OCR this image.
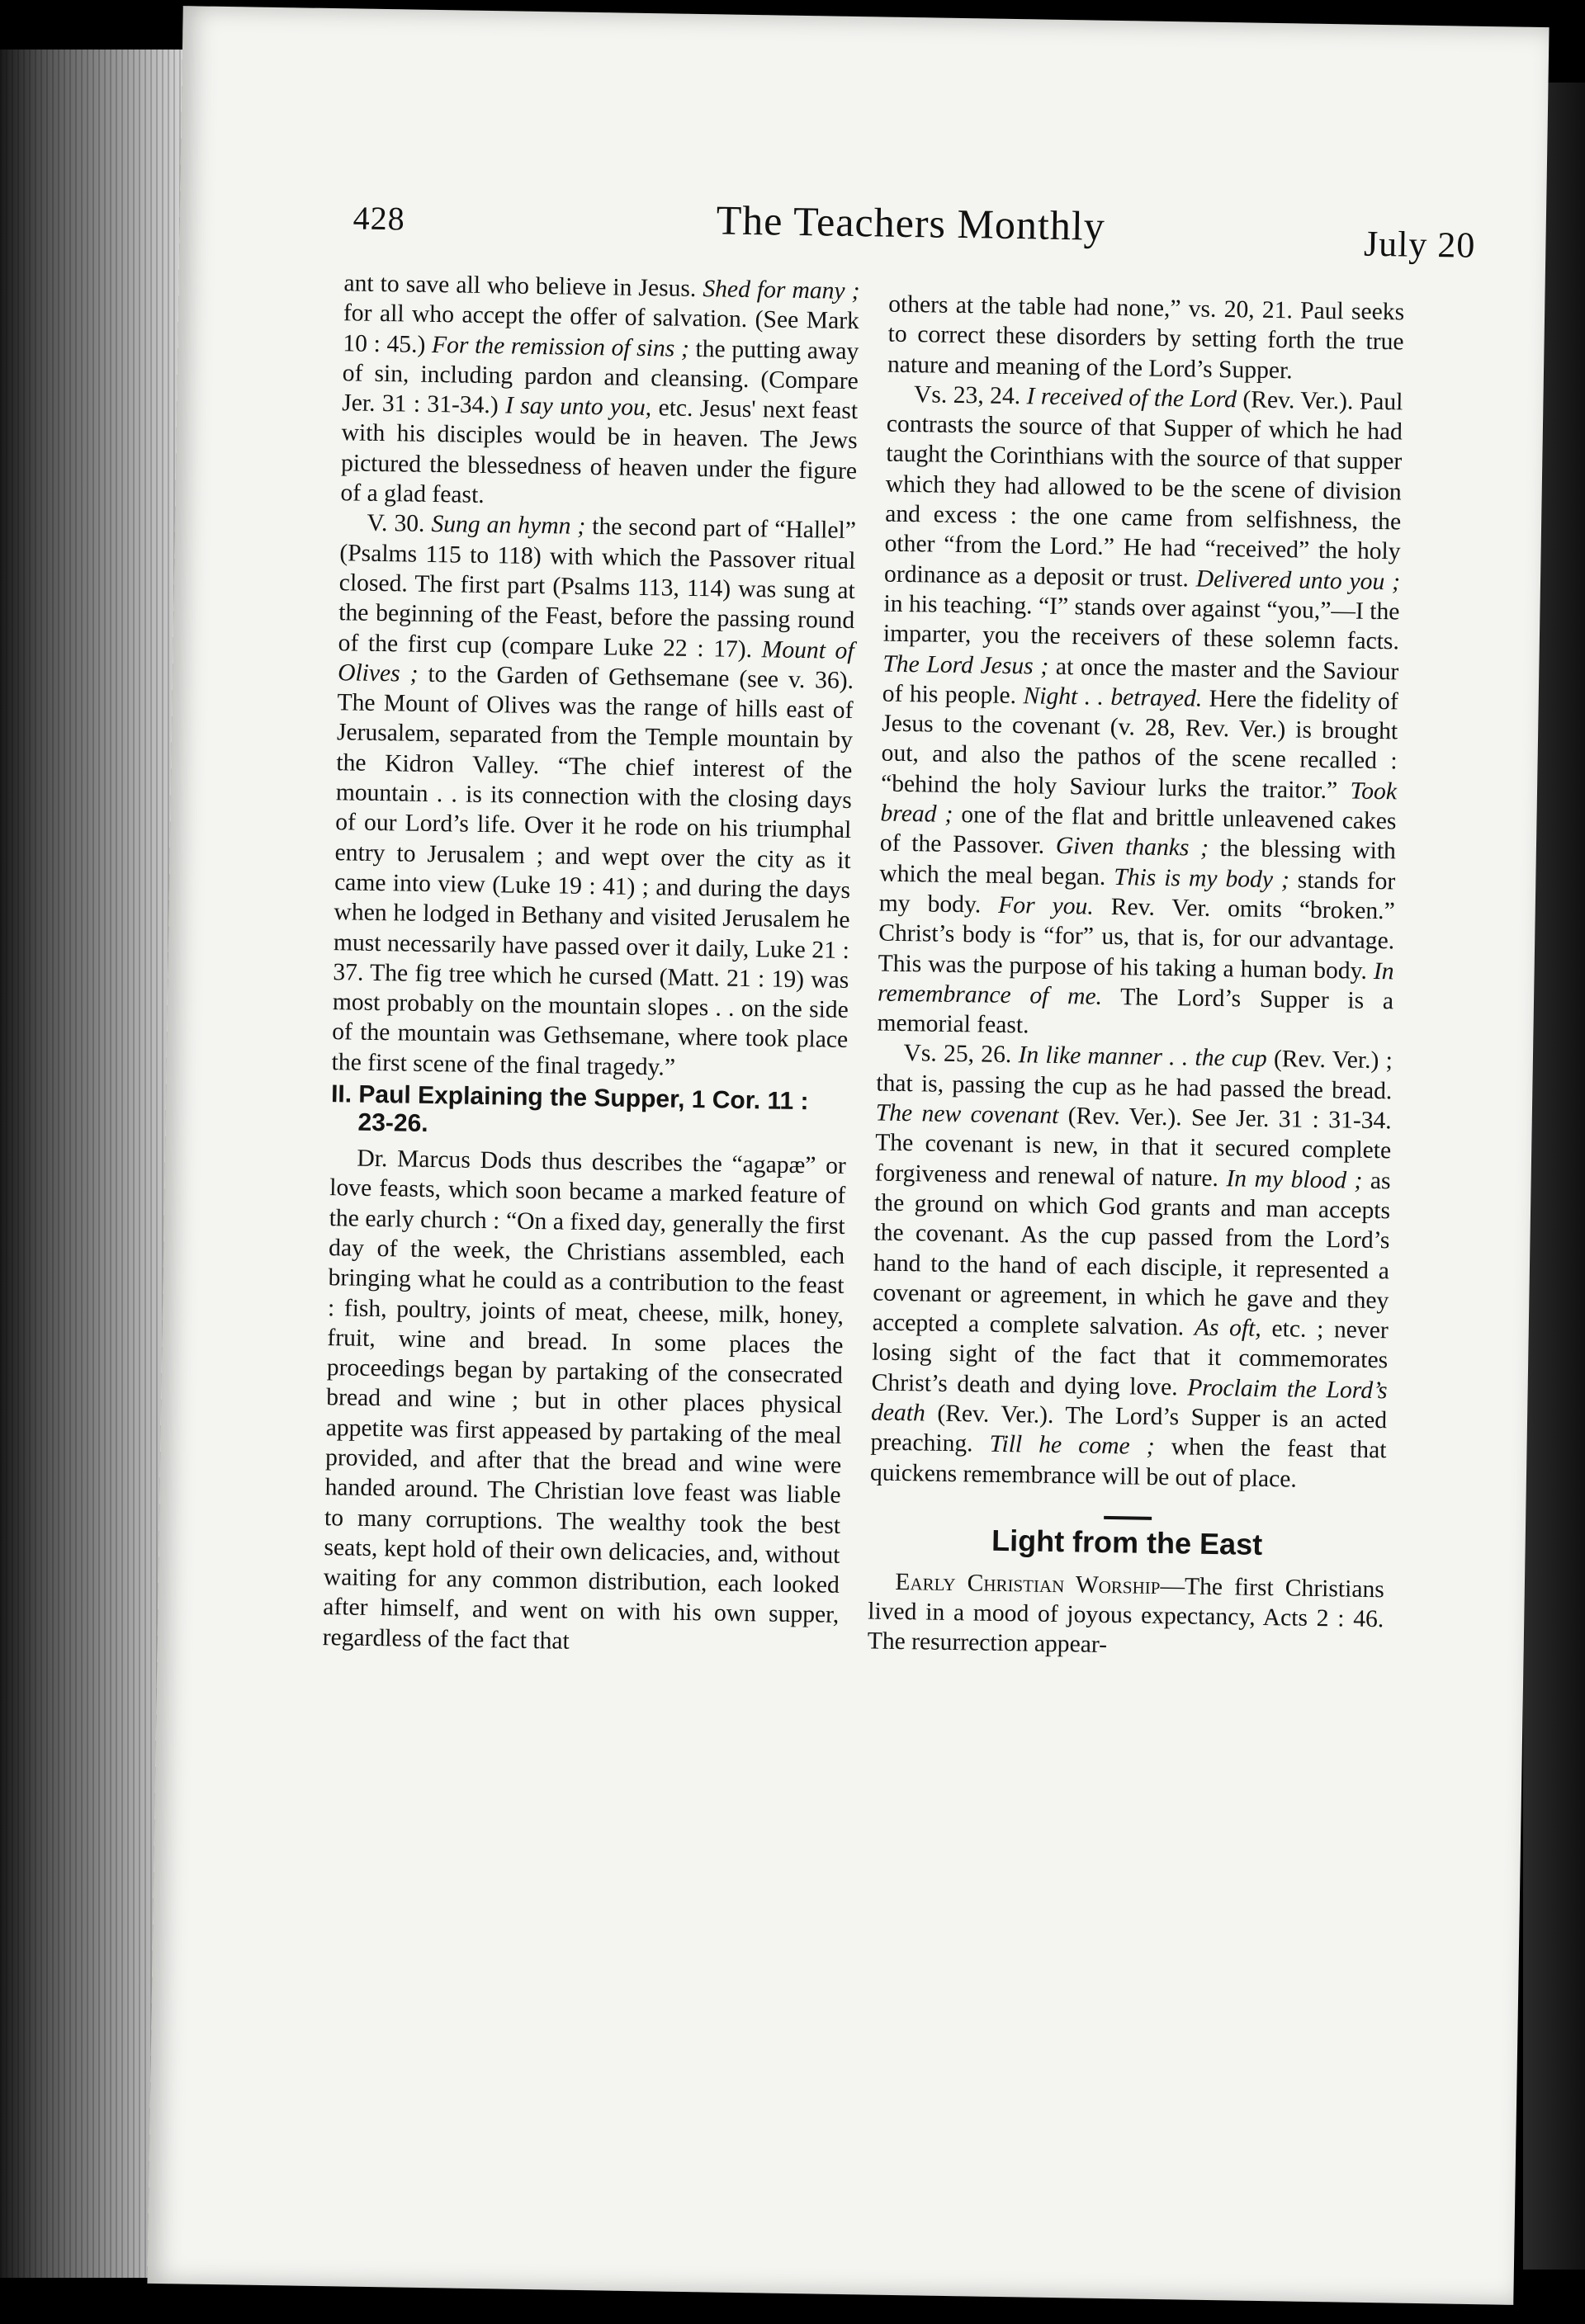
428	The Teachers Monthly	July 20

ant to save all who believe in Jesus. Shed for many ; for all who accept the offer of salvation. (See Mark 10 : 45.) For the remission of sins ; the putting away of sin, including pardon and cleansing. (Compare Jer. 31 : 31-34.) I say unto you, etc. Jesus' next feast with his disciples would be in heaven. The Jews pictured the blessedness of heaven under the figure of a glad feast.

V. 30. Sung an hymn ; the second part of “Hallel” (Psalms 115 to 118) with which the Passover ritual closed. The first part (Psalms 113, 114) was sung at the beginning of the Feast, before the passing round of the first cup (compare Luke 22 : 17). Mount of Olives ; to the Garden of Gethsemane (see v. 36). The Mount of Olives was the range of hills east of Jerusalem, separated from the Temple mountain by the Kidron Valley. “The chief interest of the mountain . . is its connection with the closing days of our Lord’s life. Over it he rode on his triumphal entry to Jerusalem ; and wept over the city as it came into view (Luke 19 : 41) ; and during the days when he lodged in Bethany and visited Jerusalem he must necessarily have passed over it daily, Luke 21 : 37. The fig tree which he cursed (Matt. 21 : 19) was most probably on the mountain slopes . . on the side of the mountain was Gethsemane, where took place the first scene of the final tragedy.”

II. Paul Explaining the Supper, 1 Cor. 11 : 23-26.

Dr. Marcus Dods thus describes the “agapæ” or love feasts, which soon became a marked feature of the early church : “On a fixed day, generally the first day of the week, the Christians assembled, each bringing what he could as a contribution to the feast : fish, poultry, joints of meat, cheese, milk, honey, fruit, wine and bread. In some places the proceedings began by partaking of the consecrated bread and wine ; but in other places physical appetite was first appeased by partaking of the meal provided, and after that the bread and wine were handed around. The Christian love feast was liable to many corruptions. The wealthy took the best seats, kept hold of their own delicacies, and, without waiting for any common distribution, each looked after himself, and went on with his own supper, regardless of the fact that

others at the table had none,” vs. 20, 21. Paul seeks to correct these disorders by setting forth the true nature and meaning of the Lord’s Supper.

Vs. 23, 24. I received of the Lord (Rev. Ver.). Paul contrasts the source of that Supper of which he had taught the Corinthians with the source of that supper which they had allowed to be the scene of division and excess : the one came from selfishness, the other “from the Lord.” He had “received” the holy ordinance as a deposit or trust. Delivered unto you ; in his teaching. “I” stands over against “you,”—I the imparter, you the receivers of these solemn facts. The Lord Jesus ; at once the master and the Saviour of his people. Night . . betrayed. Here the fidelity of Jesus to the covenant (v. 28, Rev. Ver.) is brought out, and also the pathos of the scene recalled : “behind the holy Saviour lurks the traitor.” Took bread ; one of the flat and brittle unleavened cakes of the Passover. Given thanks ; the blessing with which the meal began. This is my body ; stands for my body. For you. Rev. Ver. omits “broken.” Christ’s body is “for” us, that is, for our advantage. This was the purpose of his taking a human body. In remembrance of me. The Lord’s Supper is a memorial feast.

Vs. 25, 26. In like manner . . the cup (Rev. Ver.) ; that is, passing the cup as he had passed the bread. The new covenant (Rev. Ver.). See Jer. 31 : 31-34. The covenant is new, in that it secured complete forgiveness and renewal of nature. In my blood ; as the ground on which God grants and man accepts the covenant. As the cup passed from the Lord’s hand to the hand of each disciple, it represented a covenant or agreement, in which he gave and they accepted a complete salvation. As oft, etc. ; never losing sight of the fact that it commemorates Christ’s death and dying love. Proclaim the Lord’s death (Rev. Ver.). The Lord’s Supper is an acted preaching. Till he come ; when the feast that quickens remembrance will be out of place.

Light from the East

Early Christian Worship—The first Christians lived in a mood of joyous expectancy, Acts 2 : 46. The resurrection appear-
